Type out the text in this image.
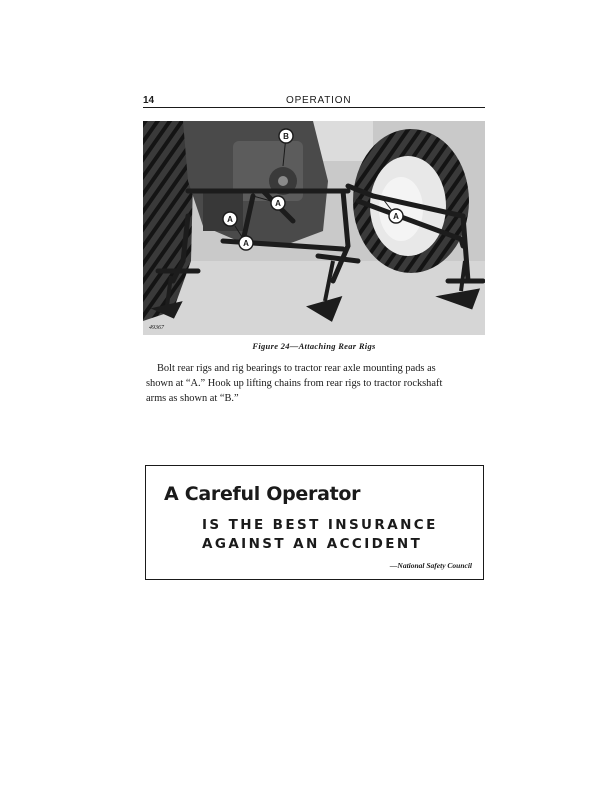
14	OPERATION
B
A
A
A
A
49367
Figure 24—Attaching Rear Rigs
Bolt rear rigs and rig bearings to tractor rear axle mounting pads as
shown at “A.” Hook up lifting chains from rear rigs to tractor rockshaft
arms as shown at “B.”
A Careful Operator
IS THE BEST INSURANCE
AGAINST AN ACCIDENT
—National Safety Council
